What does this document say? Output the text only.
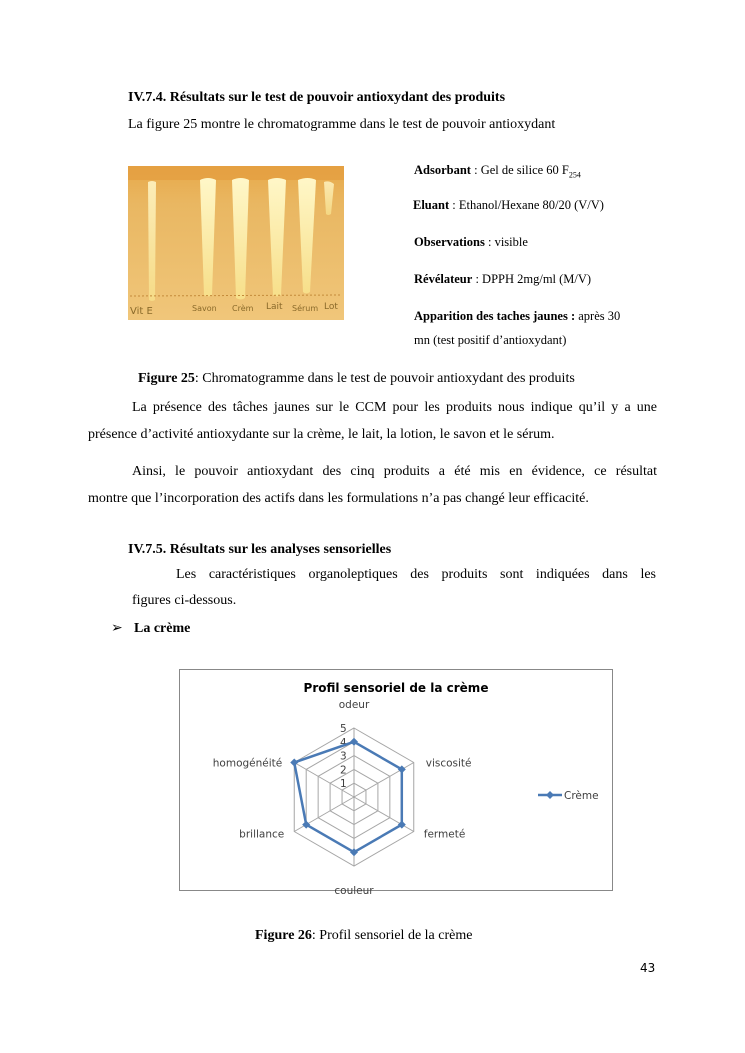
IV.7.4. Résultats sur le test de pouvoir antioxydant des produits
La figure 25 montre le chromatogramme dans le test de pouvoir antioxydant
Vit E	Savon Crèm Lait Sérum Lot
Adsorbant : Gel de silice 60 $F_{254}$
Eluant : Ethanol/Hexane 80/20 (V/V)
Observations : visible
Révélateur : DPPH 2mg/ml (M/V)
Apparition des taches jaunes : après 30
mn (test positif d’antioxydant)
Figure 25: Chromatogramme dans le test de pouvoir antioxydant des produits
La présence des tâches jaunes sur le CCM pour les produits nous indique qu’il y a une
présence d’activité antioxydante sur la crème, le lait, la lotion, le savon et le sérum.
Ainsi, le pouvoir antioxydant des cinq produits a été mis en évidence, ce résultat
montre que l’incorporation des actifs dans les formulations n’a pas changé leur efficacité.
IV.7.5. Résultats sur les analyses sensorielles
Les caractéristiques organoleptiques des produits sont indiquées dans les
figures ci-dessous.
➢ La crème
Profil sensoriel de la crème
1
2
3
4
5
odeur
viscosité
fermeté
couleur
brillance
homogénéité
Crème
Figure 26: Profil sensoriel de la crème
43
